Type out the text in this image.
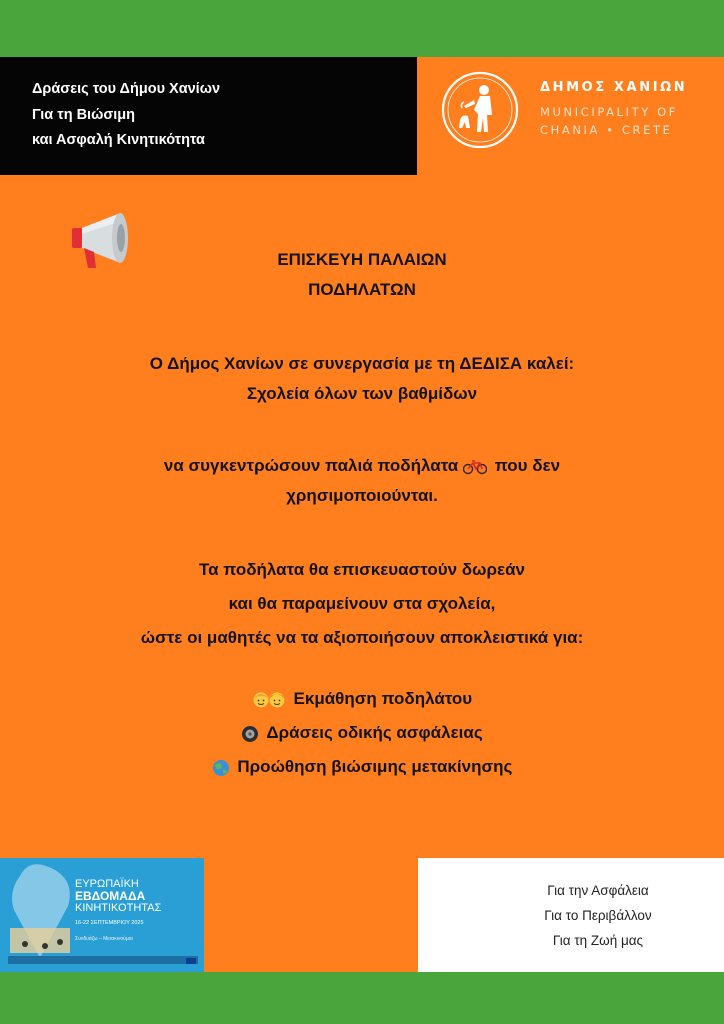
Δράσεις του Δήμου Χανίων
Για τη Βιώσιμη
και Ασφαλή Κινητικότητα
ΔΗΜΟΣ ΧΑΝΙΩΝ
MUNICIPALITY OF
CHANIA • CRETE
ΕΠΙΣΚΕΥΗ ΠΑΛΑΙΩΝ
ΠΟΔΗΛΑΤΩΝ
Ο Δήμος Χανίων σε συνεργασία με τη ΔΕΔΙΣΑ καλεί:
Σχολεία όλων των βαθμίδων
να συγκεντρώσουν παλιά ποδήλατα που δεν
χρησιμοποιούνται.
Τα ποδήλατα θα επισκευαστούν δωρεάν
και θα παραμείνουν στα σχολεία,
ώστε οι μαθητές να τα αξιοποιήσουν αποκλειστικά για:
Εκμάθηση ποδηλάτου
Δράσεις οδικής ασφάλειας
Προώθηση βιώσιμης μετακίνησης
ΕΥΡΩΠΑΪΚΗ
ΕΒΔΟΜΑΔΑ
ΚΙΝΗΤΙΚΟΤΗΤΑΣ
16-22 ΣΕΠΤΕΜΒΡΙΟΥ 2025
Συνδυάζω – Μετακινούμαι
Για την Ασφάλεια
Για το Περιβάλλον
Για τη Ζωή μας
